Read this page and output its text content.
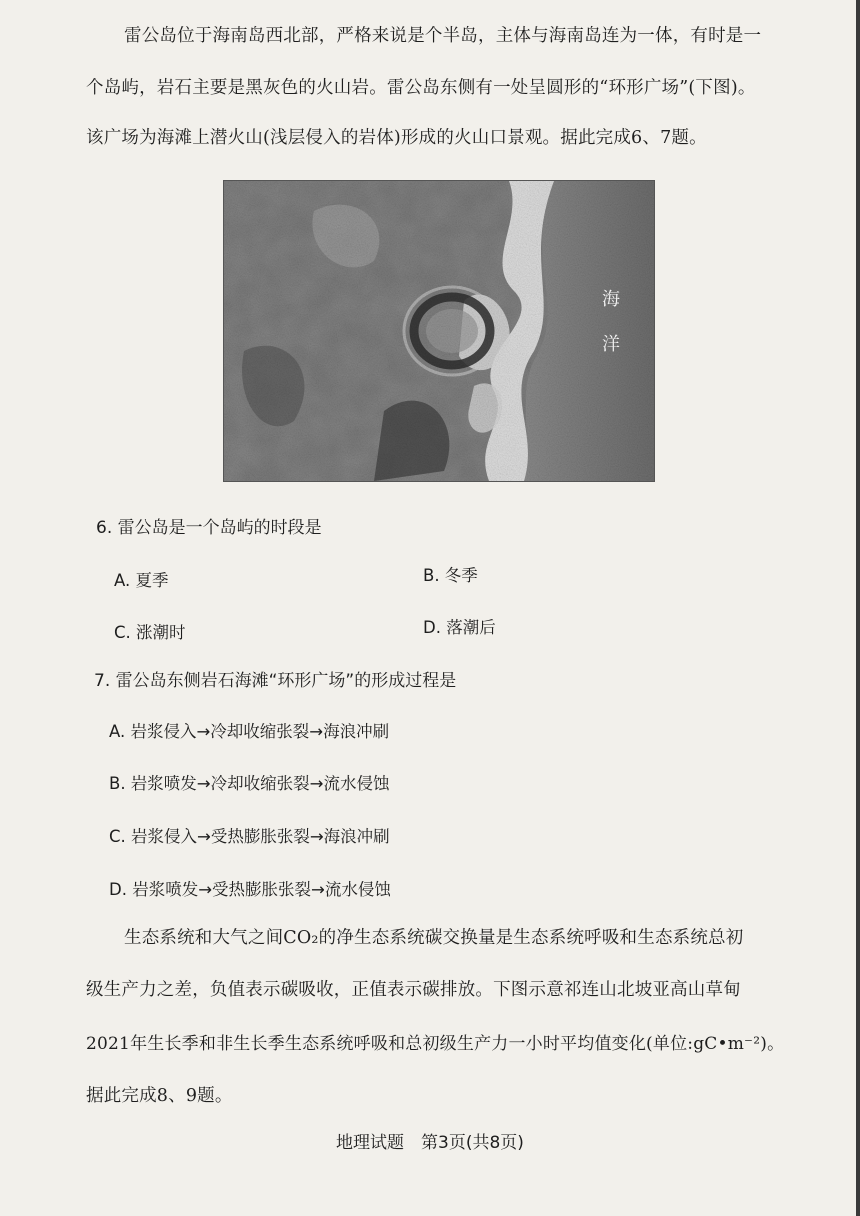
雷公岛位于海南岛西北部，严格来说是个半岛，主体与海南岛连为一体，有时是一

个岛屿，岩石主要是黑灰色的火山岩。雷公岛东侧有一处呈圆形的“环形广场”(下图)。

该广场为海滩上潜火山(浅层侵入的岩体)形成的火山口景观。据此完成6、7题。

海
洋

6. 雷公岛是一个岛屿的时段是

A. 夏季	B. 冬季

C. 涨潮时	D. 落潮后

7. 雷公岛东侧岩石海滩“环形广场”的形成过程是

A. 岩浆侵入→冷却收缩张裂→海浪冲刷

B. 岩浆喷发→冷却收缩张裂→流水侵蚀

C. 岩浆侵入→受热膨胀张裂→海浪冲刷

D. 岩浆喷发→受热膨胀张裂→流水侵蚀

生态系统和大气之间CO₂的净生态系统碳交换量是生态系统呼吸和生态系统总初

级生产力之差，负值表示碳吸收，正值表示碳排放。下图示意祁连山北坡亚高山草甸

2021年生长季和非生长季生态系统呼吸和总初级生产力一小时平均值变化(单位:gC•m⁻²)。

据此完成8、9题。

地理试题　第3页(共8页)
